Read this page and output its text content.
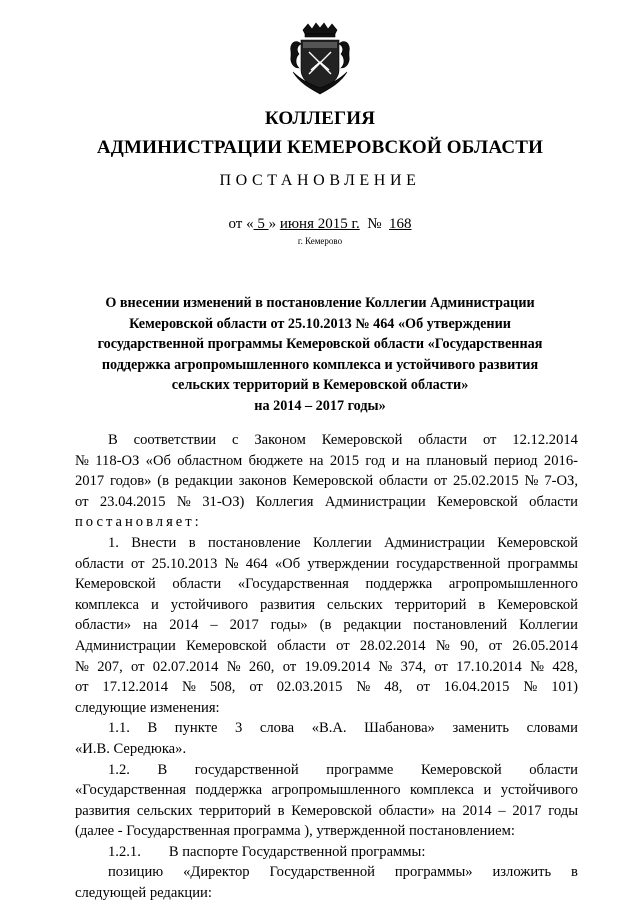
КОЛЛЕГИЯ
АДМИНИСТРАЦИИ КЕМЕРОВСКОЙ ОБЛАСТИ
ПОСТАНОВЛЕНИЕ
от « 5 » июня 2015 г.  №  168
г. Кемерово
О внесении изменений в постановление Коллегии Администрации
Кемеровской области от 25.10.2013 № 464 «Об утверждении
государственной программы Кемеровской области «Государственная
поддержка агропромышленного комплекса и устойчивого развития
сельских территорий в Кемеровской области»
на 2014 – 2017 годы»
В соответствии с Законом Кемеровской области от 12.12.2014
№ 118-ОЗ «Об областном бюджете на 2015 год и на плановый период 2016-
2017 годов» (в редакции законов Кемеровской области от 25.02.2015 № 7-ОЗ,
от 23.04.2015 № 31-ОЗ) Коллегия Администрации Кемеровской области
постановляет:
1. Внести в постановление Коллегии Администрации Кемеровской
области от 25.10.2013 № 464 «Об утверждении государственной программы
Кемеровской области «Государственная поддержка агропромышленного
комплекса и устойчивого развития сельских территорий в Кемеровской
области» на 2014 – 2017 годы» (в редакции постановлений Коллегии
Администрации Кемеровской области от 28.02.2014 № 90, от 26.05.2014
№ 207, от 02.07.2014 № 260, от 19.09.2014 № 374, от 17.10.2014 № 428,
от 17.12.2014 № 508, от 02.03.2015 № 48, от 16.04.2015 № 101)
следующие изменения:
1.1. В пункте 3 слова «В.А. Шабанова» заменить словами
«И.В. Середюка».
1.2. В государственной программе Кемеровской области
«Государственная поддержка агропромышленного комплекса и устойчивого
развития сельских территорий в Кемеровской области» на 2014 – 2017 годы
(далее - Государственная программа ), утвержденной постановлением:
1.2.1. В паспорте Государственной программы:
позицию «Директор Государственной программы» изложить в
следующей редакции:
